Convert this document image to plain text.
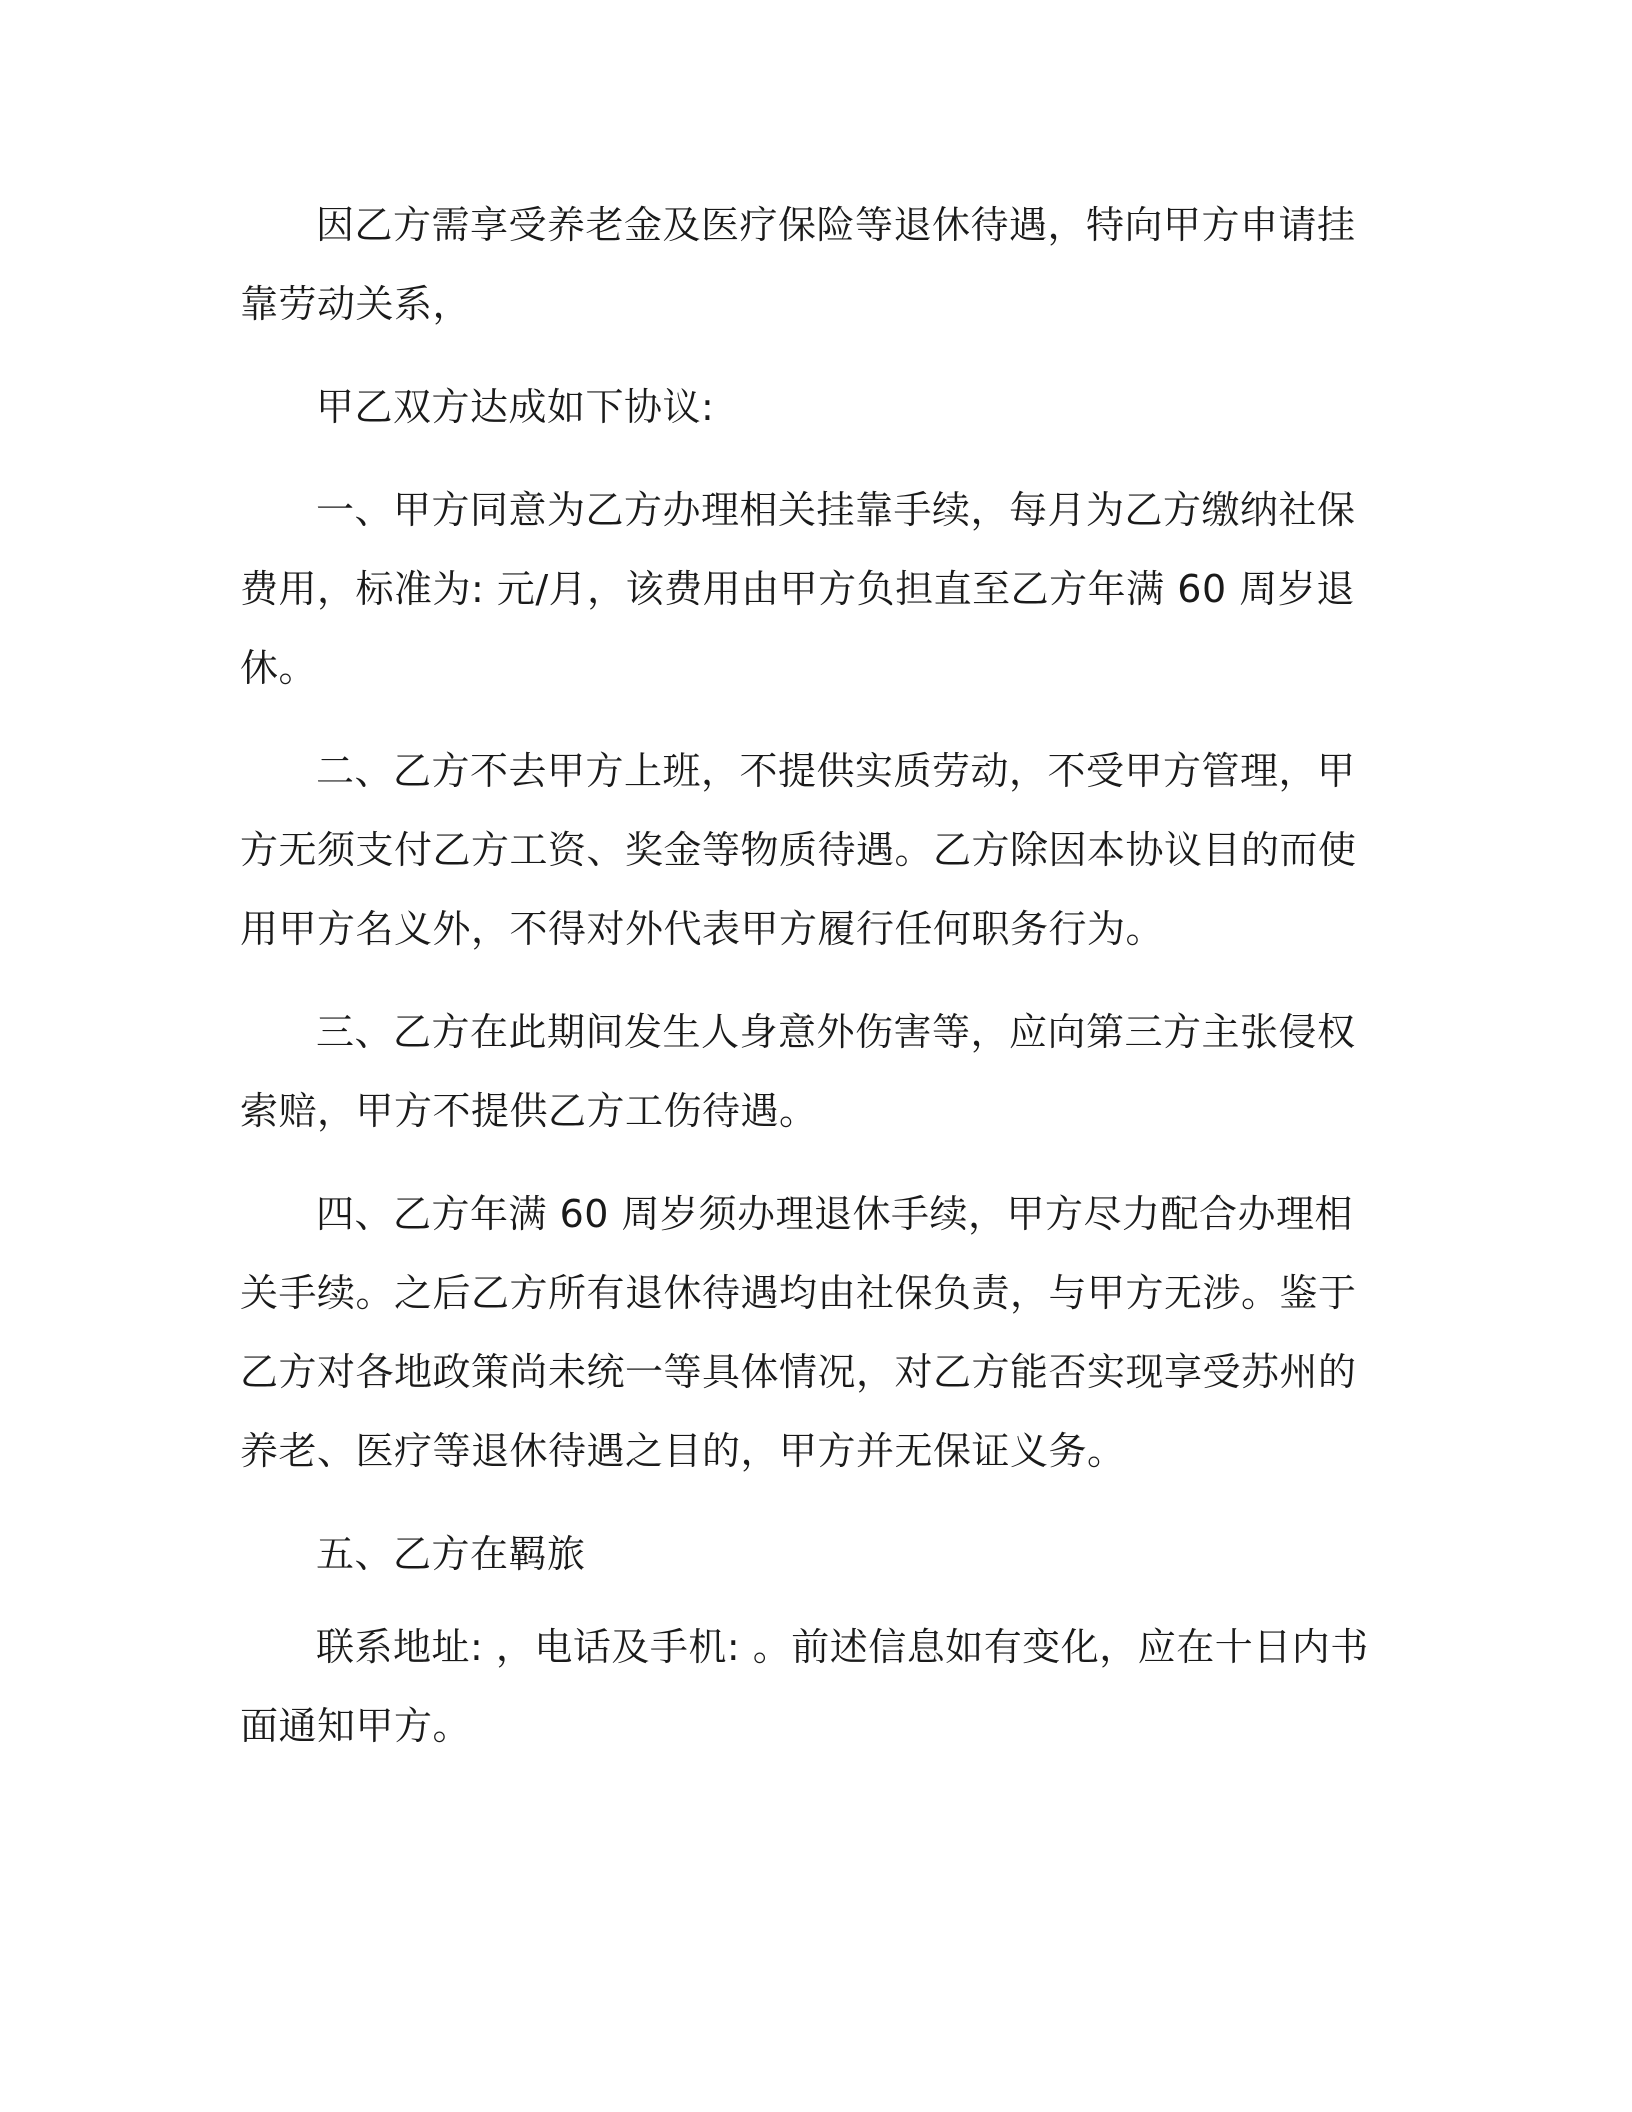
因乙方需享受养老金及医疗保险等退休待遇，特向甲方申请挂靠劳动关系，

甲乙双方达成如下协议:

一、甲方同意为乙方办理相关挂靠手续，每月为乙方缴纳社保费用，标准为: 元/月，该费用由甲方负担直至乙方年满 60 周岁退休。

二、乙方不去甲方上班，不提供实质劳动，不受甲方管理，甲方无须支付乙方工资、奖金等物质待遇。乙方除因本协议目的而使用甲方名义外，不得对外代表甲方履行任何职务行为。

三、乙方在此期间发生人身意外伤害等，应向第三方主张侵权索赔，甲方不提供乙方工伤待遇。

四、乙方年满 60 周岁须办理退休手续，甲方尽力配合办理相关手续。之后乙方所有退休待遇均由社保负责，与甲方无涉。鉴于乙方对各地政策尚未统一等具体情况，对乙方能否实现享受苏州的养老、医疗等退休待遇之目的，甲方并无保证义务。

五、乙方在羁旅

联系地址: ，电话及手机: 。前述信息如有变化，应在十日内书面通知甲方。
